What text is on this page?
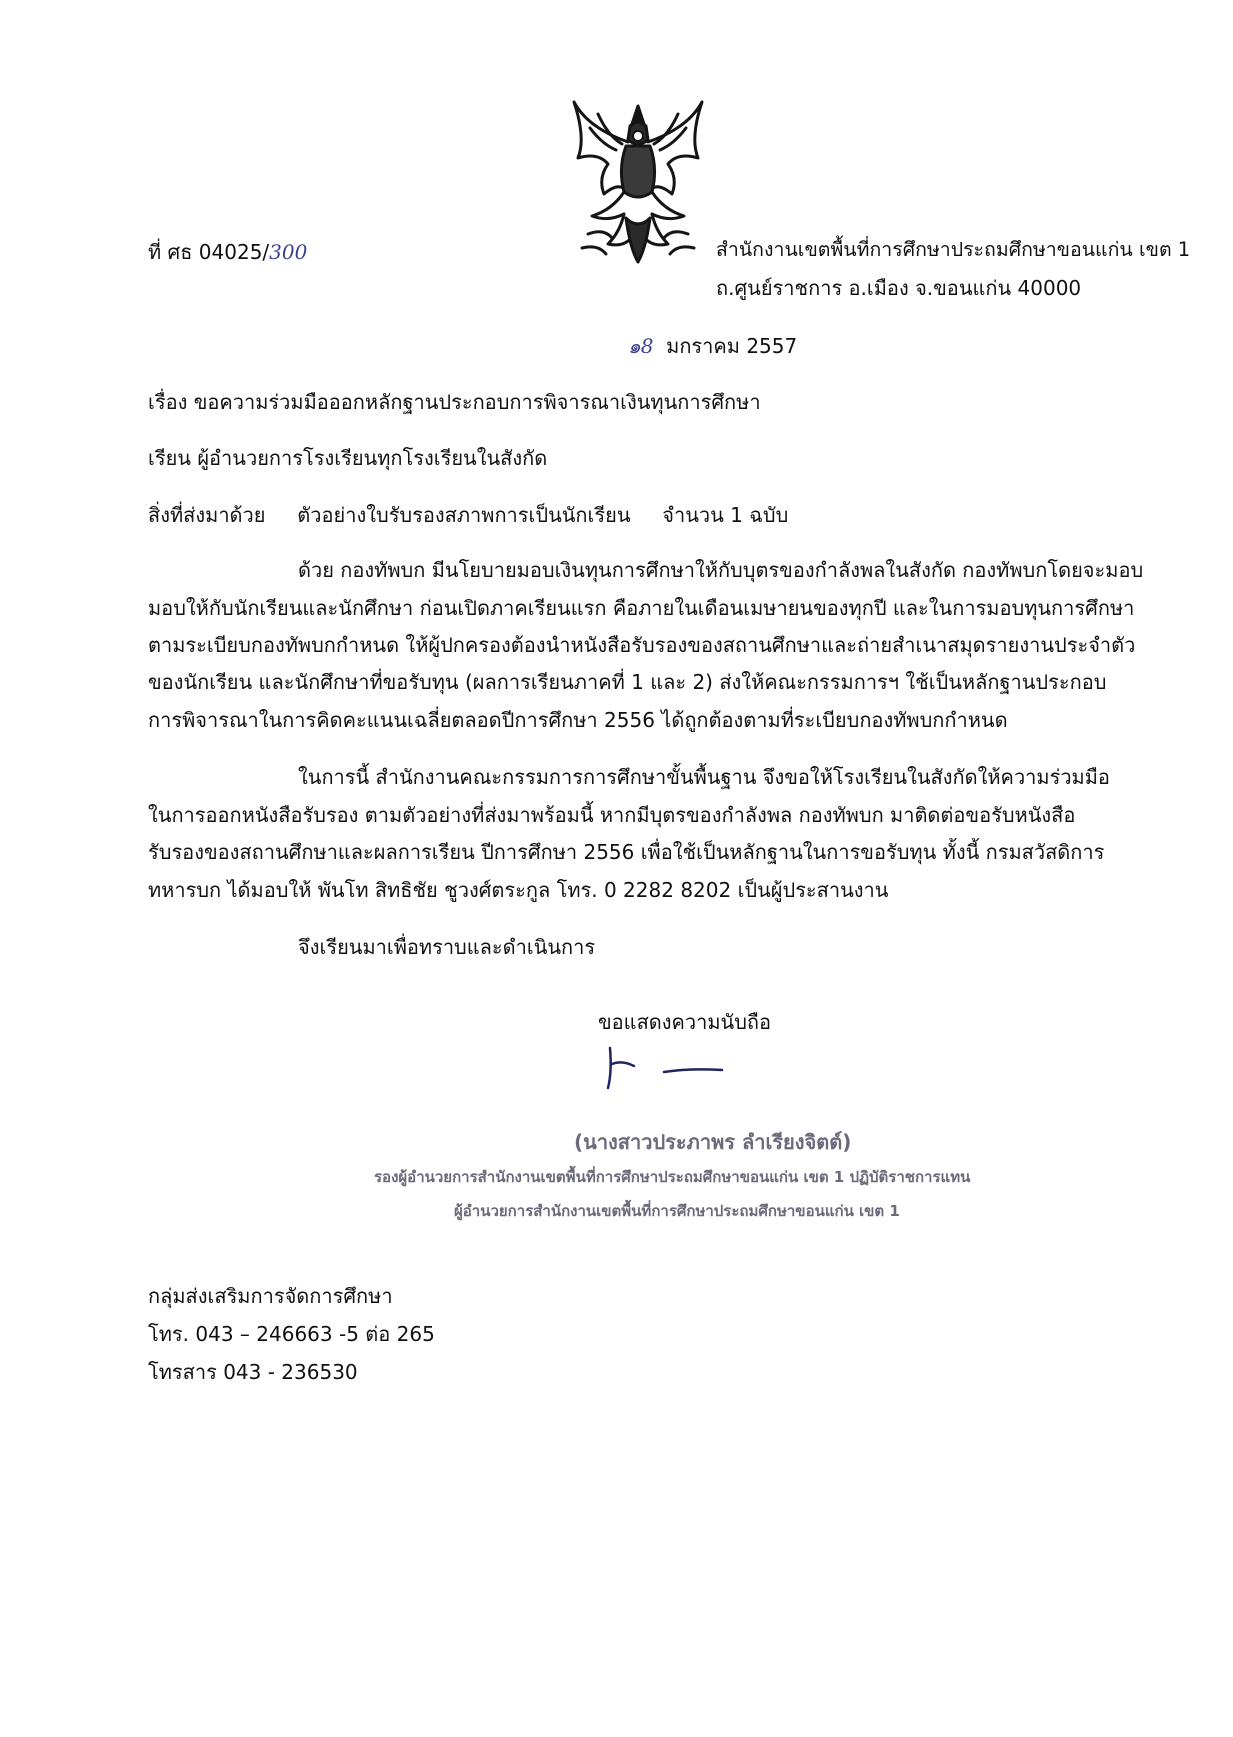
ที่ ศธ 04025/300	สำนักงานเขตพื้นที่การศึกษาประถมศึกษาขอนแก่น เขต 1
ถ.ศูนย์ราชการ อ.เมือง จ.ขอนแก่น 40000
๑8 มกราคม 2557
เรื่อง ขอความร่วมมือออกหลักฐานประกอบการพิจารณาเงินทุนการศึกษา
เรียน ผู้อำนวยการโรงเรียนทุกโรงเรียนในสังกัด
สิ่งที่ส่งมาด้วย ตัวอย่างใบรับรองสภาพการเป็นนักเรียน จำนวน 1 ฉบับ
ด้วย กองทัพบก มีนโยบายมอบเงินทุนการศึกษาให้กับบุตรของกำลังพลในสังกัด กองทัพบกโดยจะมอบ
มอบให้กับนักเรียนและนักศึกษา ก่อนเปิดภาคเรียนแรก คือภายในเดือนเมษายนของทุกปี และในการมอบทุนการศึกษา
ตามระเบียบกองทัพบกกำหนด ให้ผู้ปกครองต้องนำหนังสือรับรองของสถานศึกษาและถ่ายสำเนาสมุดรายงานประจำตัว
ของนักเรียน และนักศึกษาที่ขอรับทุน (ผลการเรียนภาคที่ 1 และ 2) ส่งให้คณะกรรมการฯ ใช้เป็นหลักฐานประกอบ
การพิจารณาในการคิดคะแนนเฉลี่ยตลอดปีการศึกษา 2556 ได้ถูกต้องตามที่ระเบียบกองทัพบกกำหนด
ในการนี้ สำนักงานคณะกรรมการการศึกษาขั้นพื้นฐาน จึงขอให้โรงเรียนในสังกัดให้ความร่วมมือ
ในการออกหนังสือรับรอง ตามตัวอย่างที่ส่งมาพร้อมนี้ หากมีบุตรของกำลังพล กองทัพบก มาติดต่อขอรับหนังสือ
รับรองของสถานศึกษาและผลการเรียน ปีการศึกษา 2556 เพื่อใช้เป็นหลักฐานในการขอรับทุน ทั้งนี้ กรมสวัสดิการ
ทหารบก ได้มอบให้ พันโท สิทธิชัย ชูวงศ์ตระกูล โทร. 0 2282 8202 เป็นผู้ประสานงาน
จึงเรียนมาเพื่อทราบและดำเนินการ
ขอแสดงความนับถือ
(นางสาวประภาพร ลำเรียงจิตต์)
รองผู้อำนวยการสำนักงานเขตพื้นที่การศึกษาประถมศึกษาขอนแก่น เขต 1 ปฏิบัติราชการแทน
ผู้อำนวยการสำนักงานเขตพื้นที่การศึกษาประถมศึกษาขอนแก่น เขต 1
กลุ่มส่งเสริมการจัดการศึกษา
โทร. 043 – 246663 -5 ต่อ 265
โทรสาร 043 - 236530
